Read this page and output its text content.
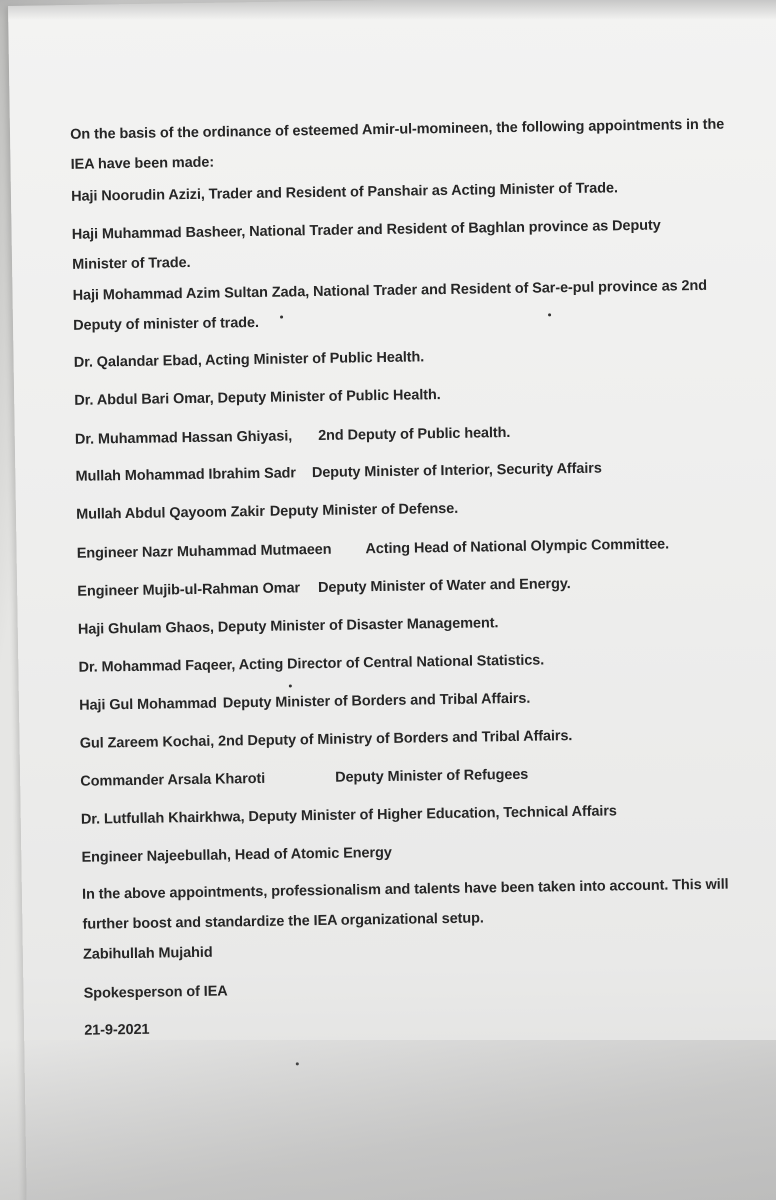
On the basis of the ordinance of esteemed Amir-ul-momineen, the following appointments in the IEA have been made:
Haji Noorudin Azizi, Trader and Resident of Panshair as Acting Minister of Trade.
Haji Muhammad Basheer, National Trader and Resident of Baghlan province as Deputy Minister of Trade.
Haji Mohammad Azim Sultan Zada, National Trader and Resident of Sar-e-pul province as 2nd Deputy of minister of trade.
Dr. Qalandar Ebad, Acting Minister of Public Health.
Dr. Abdul Bari Omar, Deputy Minister of Public Health.
Dr. Muhammad Hassan Ghiyasi, 2nd Deputy of Public health.
Mullah Mohammad Ibrahim Sadr Deputy Minister of Interior, Security Affairs
Mullah Abdul Qayoom Zakir Deputy Minister of Defense.
Engineer Nazr Muhammad Mutmaeen Acting Head of National Olympic Committee.
Engineer Mujib-ul-Rahman Omar Deputy Minister of Water and Energy.
Haji Ghulam Ghaos, Deputy Minister of Disaster Management.
Dr. Mohammad Faqeer, Acting Director of Central National Statistics.
Haji Gul Mohammad Deputy Minister of Borders and Tribal Affairs.
Gul Zareem Kochai, 2nd Deputy of Ministry of Borders and Tribal Affairs.
Commander Arsala Kharoti	Deputy Minister of Refugees
Dr. Lutfullah Khairkhwa, Deputy Minister of Higher Education, Technical Affairs
Engineer Najeebullah, Head of Atomic Energy
In the above appointments, professionalism and talents have been taken into account. This will further boost and standardize the IEA organizational setup.
Zabihullah Mujahid
Spokesperson of IEA
21-9-2021
